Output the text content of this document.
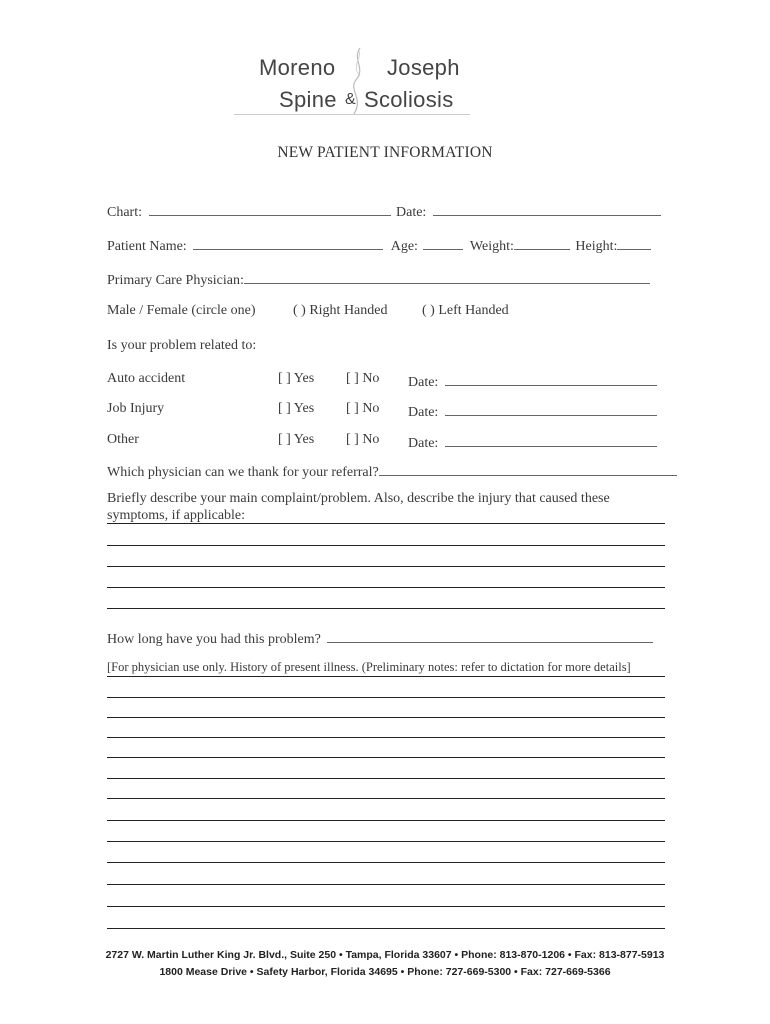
Moreno Joseph
Spine & Scoliosis
NEW PATIENT INFORMATION
Chart:	Date:
Patient Name:	Age:	Weight:	Height:
Primary Care Physician:
Male / Female (circle one)	( ) Right Handed ( ) Left Handed
Is your problem related to:
Auto accident	[ ] Yes [ ] No Date:
Job Injury	[ ] Yes [ ] No Date:
Other	[ ] Yes [ ] No Date:
Which physician can we thank for your referral?
Briefly describe your main complaint/problem. Also, describe the injury that caused these
symptoms, if applicable:
How long have you had this problem?
[For physician use only. History of present illness. (Preliminary notes: refer to dictation for more details]
2727 W. Martin Luther King Jr. Blvd., Suite 250 • Tampa, Florida 33607 • Phone: 813-870-1206 • Fax: 813-877-5913
1800 Mease Drive • Safety Harbor, Florida 34695 • Phone: 727-669-5300 • Fax: 727-669-5366
